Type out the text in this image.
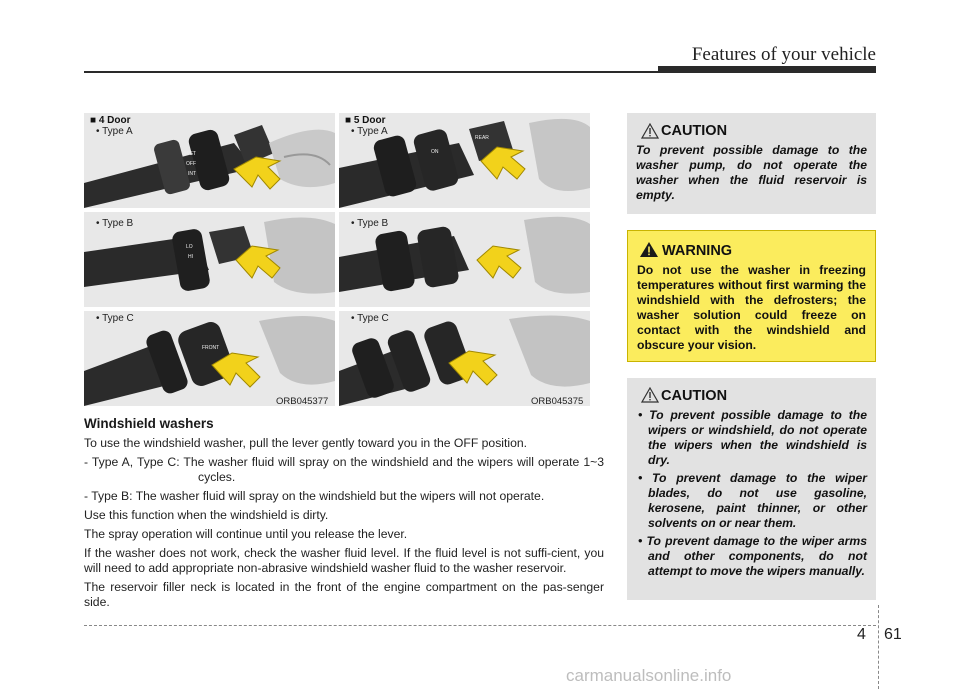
Features of your vehicle
MIST
OFF
INT
■ 4 Door
• Type A
LO
HI
• Type B
FRONT
• Type C
ORB045377
ON
REAR
■ 5 Door
• Type A
• Type B
• Type C
ORB045375
Windshield washers

To use the windshield washer, pull the lever gently toward you in the OFF position.

- Type A, Type C: The washer fluid will spray on the windshield and the wipers will operate 1~3 cycles.

- Type B: The washer fluid will spray on the windshield but the wipers will not operate.

Use this function when the windshield is dirty.

The spray operation will continue until you release the lever.

If the washer does not work, check the washer fluid level. If the fluid level is not suffi-cient, you will need to add appropriate non-abrasive windshield washer fluid to the washer reservoir.

The reservoir filler neck is located in the front of the engine compartment on the pas-senger side.

CAUTION
To prevent possible damage to the washer pump, do not operate the washer when the fluid reservoir is empty.
WARNING
Do not use the washer in freezing temperatures without first warming the windshield with the defrosters; the washer solution could freeze on contact with the windshield and obscure your vision.
CAUTION

• To prevent possible damage to the wipers or windshield, do not operate the wipers when the windshield is dry.

• To prevent damage to the wiper blades, do not use gasoline, kerosene, paint thinner, or other solvents on or near them.

• To prevent damage to the wiper arms and other components, do not attempt to move the wipers manually.

4 61
carmanualsonline.info
